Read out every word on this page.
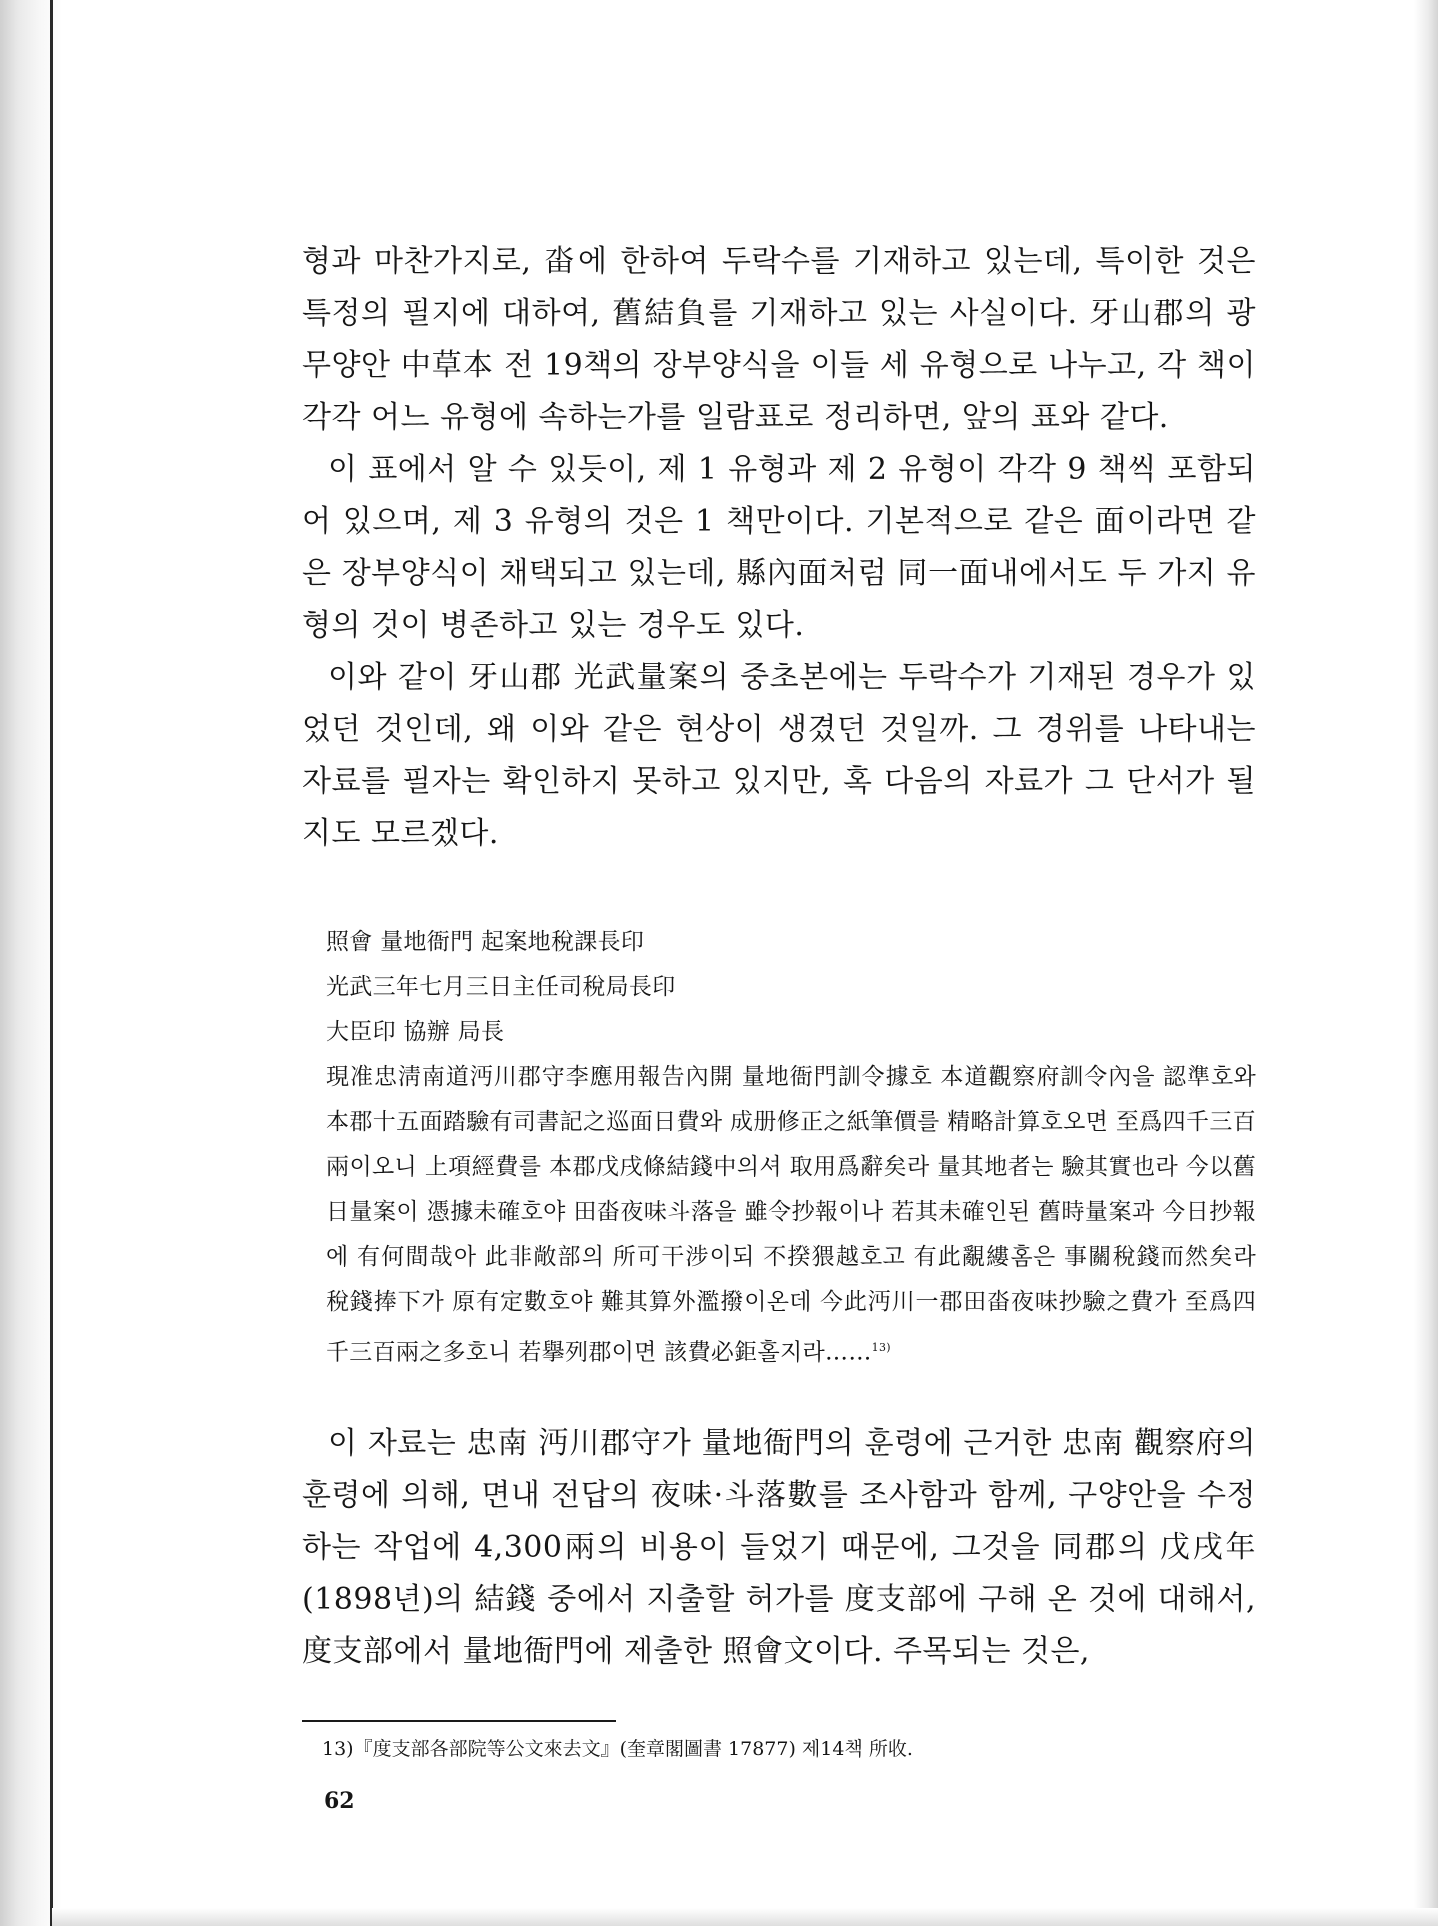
형과 마찬가지로, 畓에 한하여 두락수를 기재하고 있는데, 특이한 것은 특정의 필지에 대하여, 舊結負를 기재하고 있는 사실이다. 牙山郡의 광무양안 中草本 전 19책의 장부양식을 이들 세 유형으로 나누고, 각 책이 각각 어느 유형에 속하는가를 일람표로 정리하면, 앞의 표와 같다.

이 표에서 알 수 있듯이, 제 1 유형과 제 2 유형이 각각 9 책씩 포함되어 있으며, 제 3 유형의 것은 1 책만이다. 기본적으로 같은 面이라면 같은 장부양식이 채택되고 있는데, 縣內面처럼 同一面내에서도 두 가지 유형의 것이 병존하고 있는 경우도 있다.

이와 같이 牙山郡 光武量案의 중초본에는 두락수가 기재된 경우가 있었던 것인데, 왜 이와 같은 현상이 생겼던 것일까. 그 경위를 나타내는 자료를 필자는 확인하지 못하고 있지만, 혹 다음의 자료가 그 단서가 될지도 모르겠다.

照會 量地衙門 起案地稅課長印

光武三年七月三日主任司稅局長印

大臣印 協辦 局長

現准忠淸南道沔川郡守李應用報告內開 量地衙門訓令據호 本道觀察府訓令內을 認準호와 本郡十五面踏驗有司書記之巡面日費와 成册修正之紙筆價를 精略計算호오면 至爲四千三百兩이오니 上項經費를 本郡戊戌條結錢中의셔 取用爲辭矣라 量其地者는 驗其實也라 今以舊日量案이 憑據未確호야 田畓夜味斗落을 雖令抄報이나 若其未確인된 舊時量案과 今日抄報에 有何間哉아 此非敞部의 所可干涉이되 不揆猥越호고 有此覶縷홈은 事關稅錢而然矣라 稅錢捧下가 原有定數호야 難其算外濫撥이온데 今此沔川一郡田畓夜味抄驗之費가 至爲四千三百兩之多호니 若擧列郡이면 該費必鉅홀지라……$^{13)}$

이 자료는 忠南 沔川郡守가 量地衙門의 훈령에 근거한 忠南 觀察府의 훈령에 의해, 면내 전답의 夜味·斗落數를 조사함과 함께, 구양안을 수정하는 작업에 4,300兩의 비용이 들었기 때문에, 그것을 同郡의 戊戌年(1898년)의 結錢 중에서 지출할 허가를 度支部에 구해 온 것에 대해서, 度支部에서 量地衙門에 제출한 照會文이다. 주목되는 것은,

13)『度支部各部院等公文來去文』(奎章閣圖書 17877) 제14책 所收.
62
